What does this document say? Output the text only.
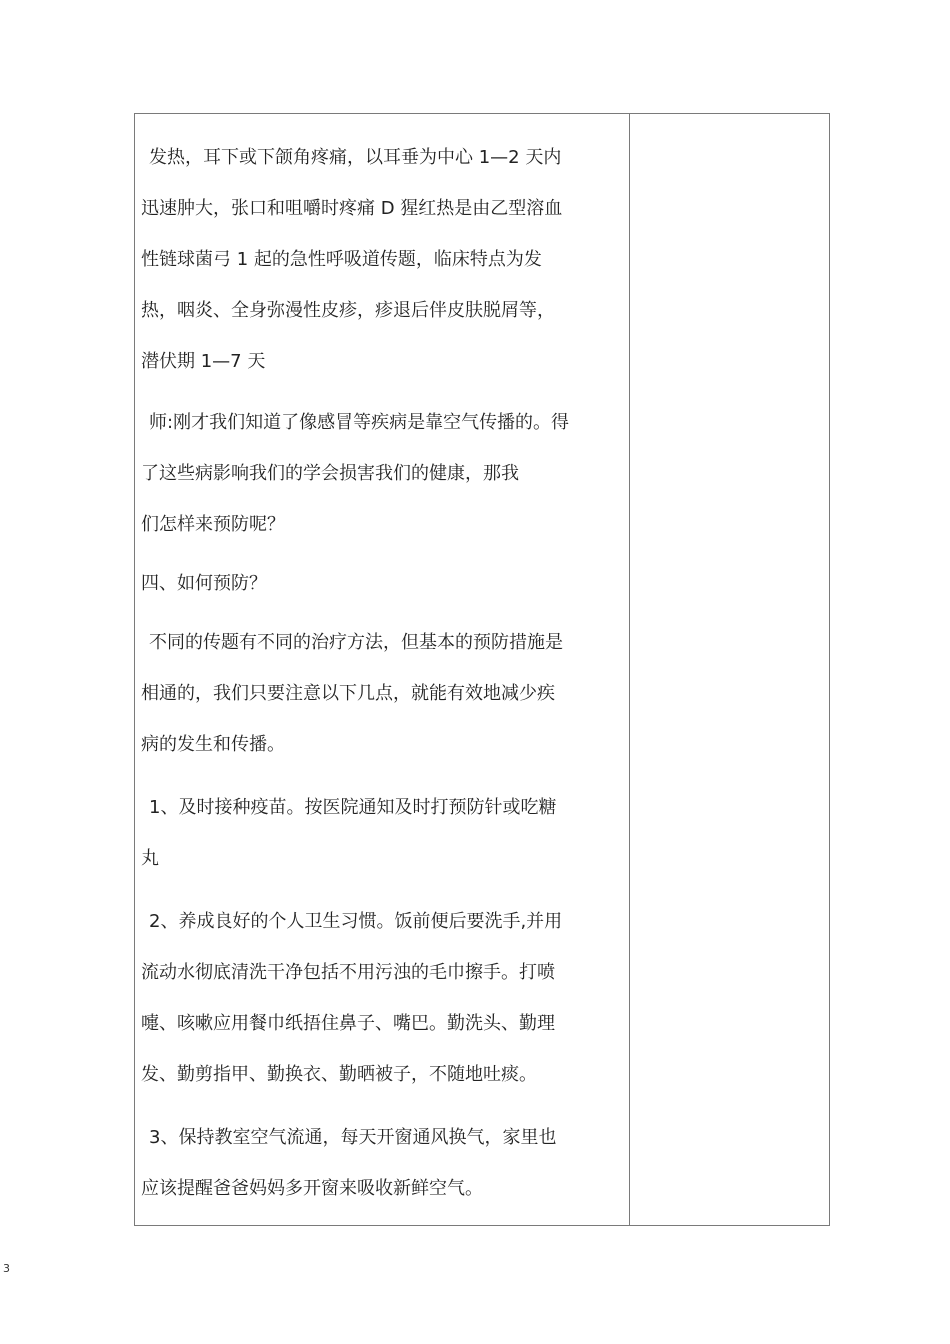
发热，耳下或下颌角疼痛，以耳垂为中心 1—2 天内
迅速肿大，张口和咀嚼时疼痛 D 猩红热是由乙型溶血
性链球菌弓 1 起的急性呼吸道传题，临床特点为发
热，咽炎、全身弥漫性皮疹，疹退后伴皮肤脱屑等，
潜伏期 1—7 天

师:刚才我们知道了像感冒等疾病是靠空气传播的。得
了这些病影响我们的学会损害我们的健康，那我
们怎样来预防呢？

四、如何预防？

不同的传题有不同的治疗方法，但基本的预防措施是
相通的，我们只要注意以下几点，就能有效地减少疾
病的发生和传播。

1、及时接种疫苗。按医院通知及时打预防针或吃糖
丸

2、养成良好的个人卫生习惯。饭前便后要洗手,并用
流动水彻底清洗干净包括不用污浊的毛巾擦手。打喷
嚏、咳嗽应用餐巾纸捂住鼻子、嘴巴。勤洗头、勤理
发、勤剪指甲、勤换衣、勤晒被子，不随地吐痰。

3、保持教室空气流通，每天开窗通风换气，家里也
应该提醒爸爸妈妈多开窗来吸收新鲜空气。

3
